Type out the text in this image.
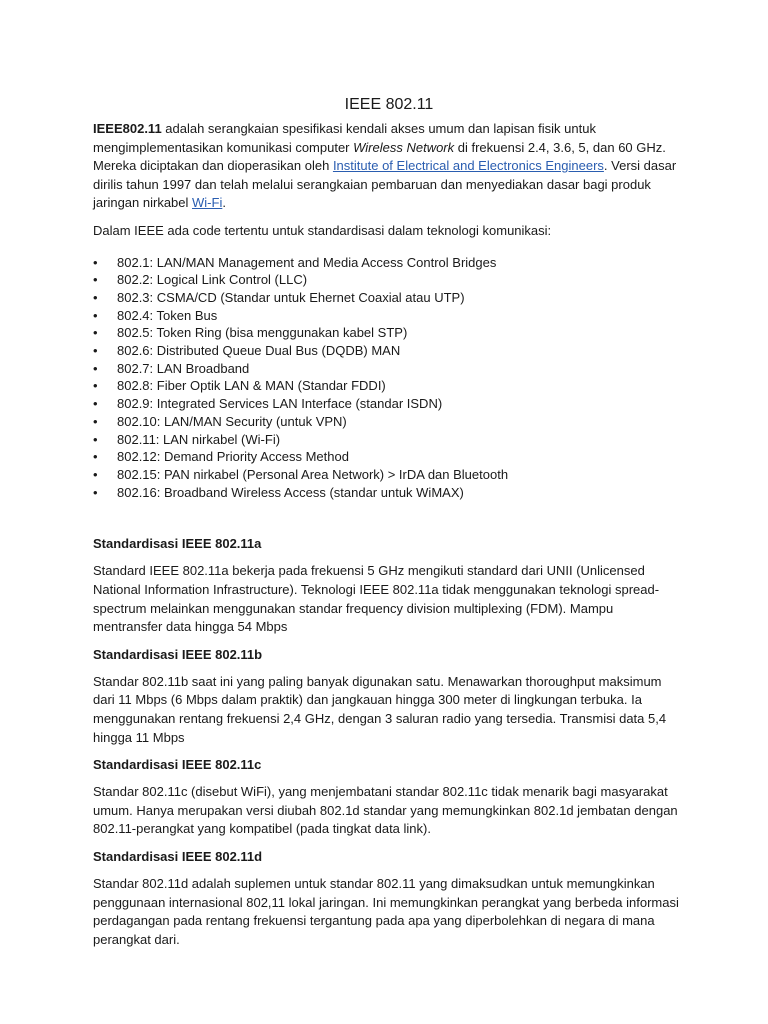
IEEE 802.11

IEEE802.11 adalah serangkaian spesifikasi kendali akses umum dan lapisan fisik untuk mengimplementasikan komunikasi computer Wireless Network di frekuensi 2.4, 3.6, 5, dan 60 GHz. Mereka diciptakan dan dioperasikan oleh Institute of Electrical and Electronics Engineers. Versi dasar dirilis tahun 1997 dan telah melalui serangkaian pembaruan dan menyediakan dasar bagi produk jaringan nirkabel Wi-Fi.

Dalam IEEE ada code tertentu untuk standardisasi dalam teknologi komunikasi:

• 802.1: LAN/MAN Management and Media Access Control Bridges
• 802.2: Logical Link Control (LLC)
• 802.3: CSMA/CD (Standar untuk Ehernet Coaxial atau UTP)
• 802.4: Token Bus
• 802.5: Token Ring (bisa menggunakan kabel STP)
• 802.6: Distributed Queue Dual Bus (DQDB) MAN
• 802.7: LAN Broadband
• 802.8: Fiber Optik LAN & MAN (Standar FDDI)
• 802.9: Integrated Services LAN Interface (standar ISDN)
• 802.10: LAN/MAN Security (untuk VPN)
• 802.11: LAN nirkabel (Wi-Fi)
• 802.12: Demand Priority Access Method
• 802.15: PAN nirkabel (Personal Area Network) > IrDA dan Bluetooth
• 802.16: Broadband Wireless Access (standar untuk WiMAX)
Standardisasi IEEE 802.11a

Standard IEEE 802.11a bekerja pada frekuensi 5 GHz mengikuti standard dari UNII (Unlicensed National Information Infrastructure). Teknologi IEEE 802.11a tidak menggunakan teknologi spread-spectrum melainkan menggunakan standar frequency division multiplexing (FDM). Mampu mentransfer data hingga 54 Mbps

Standardisasi IEEE 802.11b

Standar 802.11b saat ini yang paling banyak digunakan satu. Menawarkan thoroughput maksimum dari 11 Mbps (6 Mbps dalam praktik) dan jangkauan hingga 300 meter di lingkungan terbuka. Ia menggunakan rentang frekuensi 2,4 GHz, dengan 3 saluran radio yang tersedia. Transmisi data 5,4 hingga 11 Mbps

Standardisasi IEEE 802.11c

Standar 802.11c (disebut WiFi), yang menjembatani standar 802.11c tidak menarik bagi masyarakat umum. Hanya merupakan versi diubah 802.1d standar yang memungkinkan 802.1d jembatan dengan 802.11-perangkat yang kompatibel (pada tingkat data link).

Standardisasi IEEE 802.11d

Standar 802.11d adalah suplemen untuk standar 802.11 yang dimaksudkan untuk memungkinkan penggunaan internasional 802,11 lokal jaringan. Ini memungkinkan perangkat yang berbeda informasi perdagangan pada rentang frekuensi tergantung pada apa yang diperbolehkan di negara di mana perangkat dari.
